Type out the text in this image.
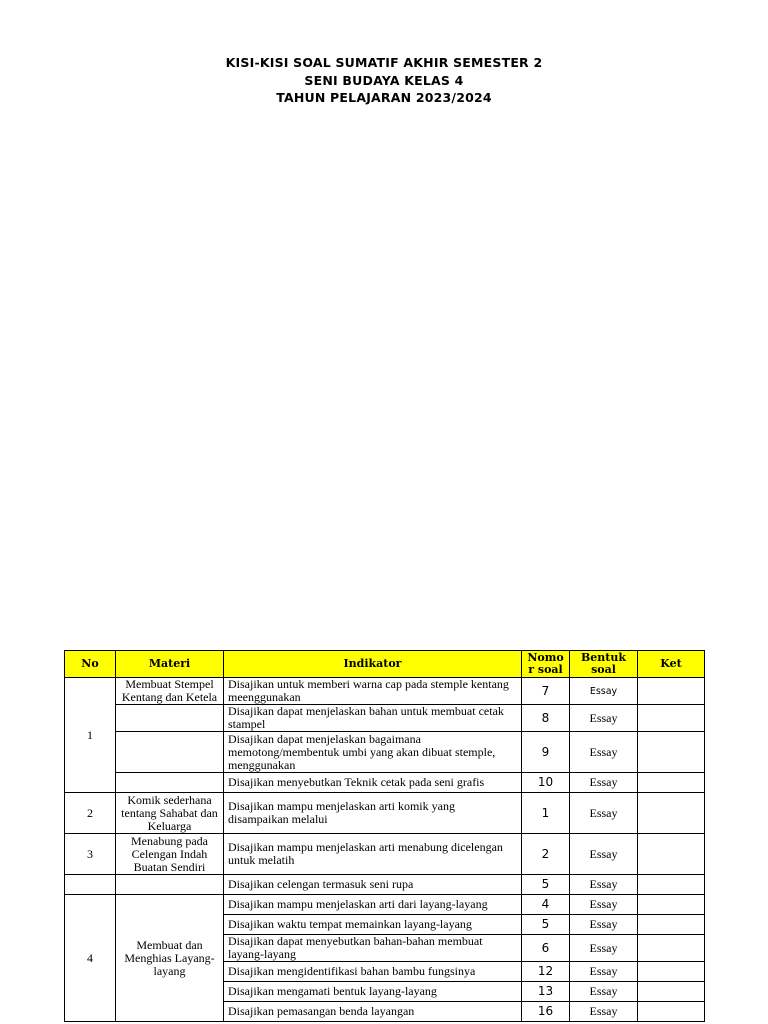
KISI-KISI SOAL SUMATIF AKHIR SEMESTER 2
SENI BUDAYA KELAS 4
TAHUN PELAJARAN 2023/2024
No	Materi	Indikator	Nomo r soal	Bentuk soal	Ket
1	Membuat Stempel Kentang dan Ketela	Disajikan untuk memberi warna cap pada stemple kentang meenggunakan	7	Essay	
		Disajikan dapat menjelaskan bahan untuk membuat cetak stampel	8	Essay	
		Disajikan dapat menjelaskan bagaimana memotong/membentuk umbi yang akan dibuat stemple, menggunakan	9	Essay	
		Disajikan menyebutkan Teknik cetak pada seni grafis	10	Essay	
2	Komik sederhana tentang Sahabat dan Keluarga	Disajikan mampu menjelaskan arti komik yang disampaikan melalui	1	Essay	
3	Menabung pada Celengan Indah Buatan Sendiri	Disajikan mampu menjelaskan arti menabung dicelengan untuk melatih	2	Essay	
		Disajikan celengan termasuk seni rupa	5	Essay	
4	Membuat dan Menghias Layang-layang	Disajikan mampu menjelaskan arti dari layang-layang	4	Essay	
		Disajikan waktu tempat memainkan layang-layang	5	Essay	
		Disajikan dapat menyebutkan bahan-bahan membuat layang-layang	6	Essay	
		Disajikan mengidentifikasi bahan bambu fungsinya	12	Essay	
		Disajikan mengamati bentuk layang-layang	13	Essay	
		Disajikan pemasangan benda layangan	16	Essay	
